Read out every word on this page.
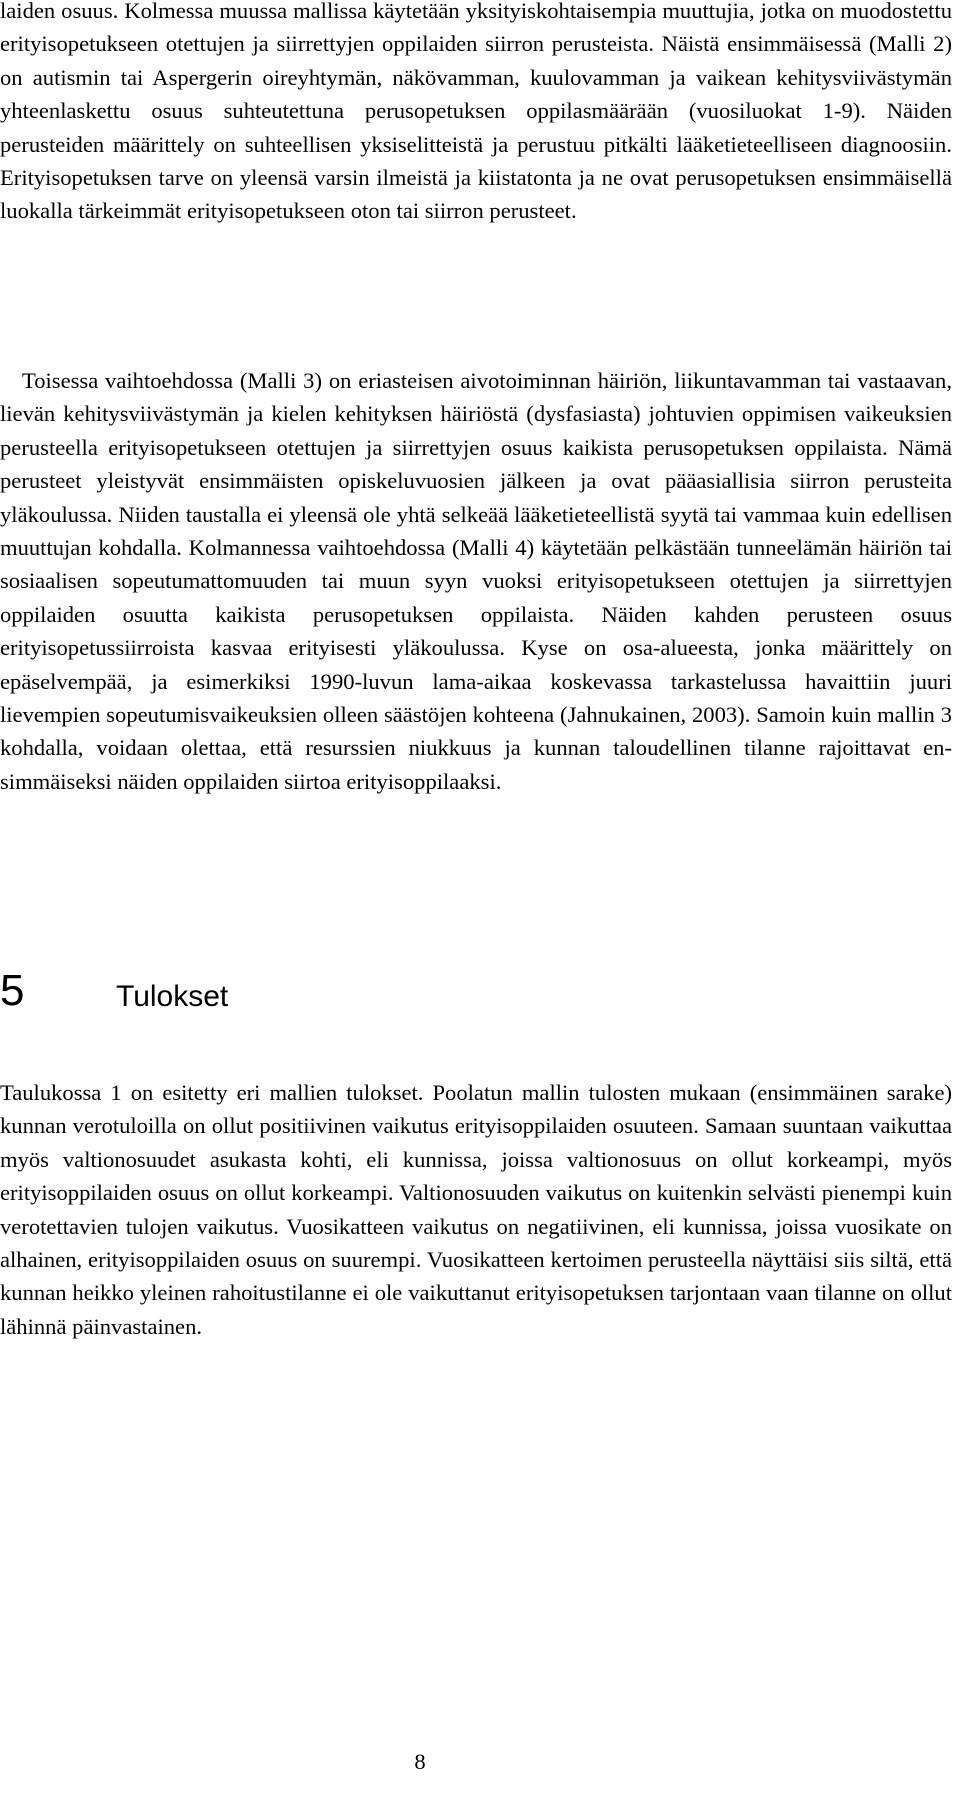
laiden osuus. Kolmessa muussa mallissa käytetään yksityiskohtaisempia muuttujia, jotka on muodostettu erityisopetukseen otettujen ja siirrettyjen oppilaiden siirron perusteista. Näistä ensimmäisessä (Malli 2) on autismin tai Aspergerin oireyhtymän, näkövamman, kuulovamman ja vaikean kehitysviivästymän yhteenlaskettu osuus suhteutettuna perusopetuksen oppilasmäärään (vuosiluokat 1-9). Näiden perusteiden määrittely on suhteellisen yksiselitteistä ja perustuu pitkälti lääketieteelliseen diagnoosiin. Erityisopetuksen tarve on yleensä varsin ilmeistä ja kiistatonta ja ne ovat perusopetuksen ensimmäisellä luokalla tärkeimmät erityisopetukseen oton tai siirron perusteet.

Toisessa vaihtoehdossa (Malli 3) on eriasteisen aivotoiminnan häiriön, liikuntavamman tai vastaavan, lievän kehitysviivästymän ja kielen kehityksen häiriöstä (dysfasiasta) johtuvien oppimisen vaikeuksien perusteella erityisopetukseen otettujen ja siirrettyjen osuus kaikista perusopetuksen oppilaista. Nämä perusteet yleistyvät ensimmäisten opiskeluvuosien jälkeen ja ovat pääasiallisia siirron perusteita yläkoulussa. Niiden taustalla ei yleensä ole yhtä selkeää lääketieteellistä syytä tai vammaa kuin edellisen muuttujan kohdalla. Kolmannessa vaihtoehdossa (Malli 4) käytetään pelkästään tunneelämän häiriön tai sosiaalisen sopeutumattomuuden tai muun syyn vuoksi erityisopetukseen otettujen ja siirrettyjen oppilaiden osuutta kaikista perusopetuksen oppilaista. Näiden kahden perusteen osuus erityisopetussiirroista kasvaa erityisesti yläkoulussa. Kyse on osa-alueesta, jonka määrittely on epäselvempää, ja esimerkiksi 1990-luvun lama-aikaa koskevassa tarkastelussa havaittiin juuri lievempien sopeutumisvaikeuksien olleen säästöjen kohteena (Jahnukainen, 2003). Samoin kuin mallin 3 kohdalla, voidaan olettaa, että resurssien niukkuus ja kunnan taloudellinen tilanne rajoittavat ensimmäiseksi näiden oppilaiden siirtoa erityisoppilaaksi.

5	Tulokset

Taulukossa 1 on esitetty eri mallien tulokset. Poolatun mallin tulosten mukaan (ensimmäinen sarake) kunnan verotuloilla on ollut positiivinen vaikutus erityisoppilaiden osuuteen. Samaan suuntaan vaikuttaa myös valtionosuudet asukasta kohti, eli kunnissa, joissa valtionosuus on ollut korkeampi, myös erityisoppilaiden osuus on ollut korkeampi. Valtionosuuden vaikutus on kuitenkin selvästi pienempi kuin verotettavien tulojen vaikutus. Vuosikatteen vaikutus on negatiivinen, eli kunnissa, joissa vuosikate on alhainen, erityisoppilaiden osuus on suurempi. Vuosikatteen kertoimen perusteella näyttäisi siis siltä, että kunnan heikko yleinen rahoitustilanne ei ole vaikuttanut erityisopetuksen tarjontaan vaan tilanne on ollut lähinnä päinvastainen.

8
